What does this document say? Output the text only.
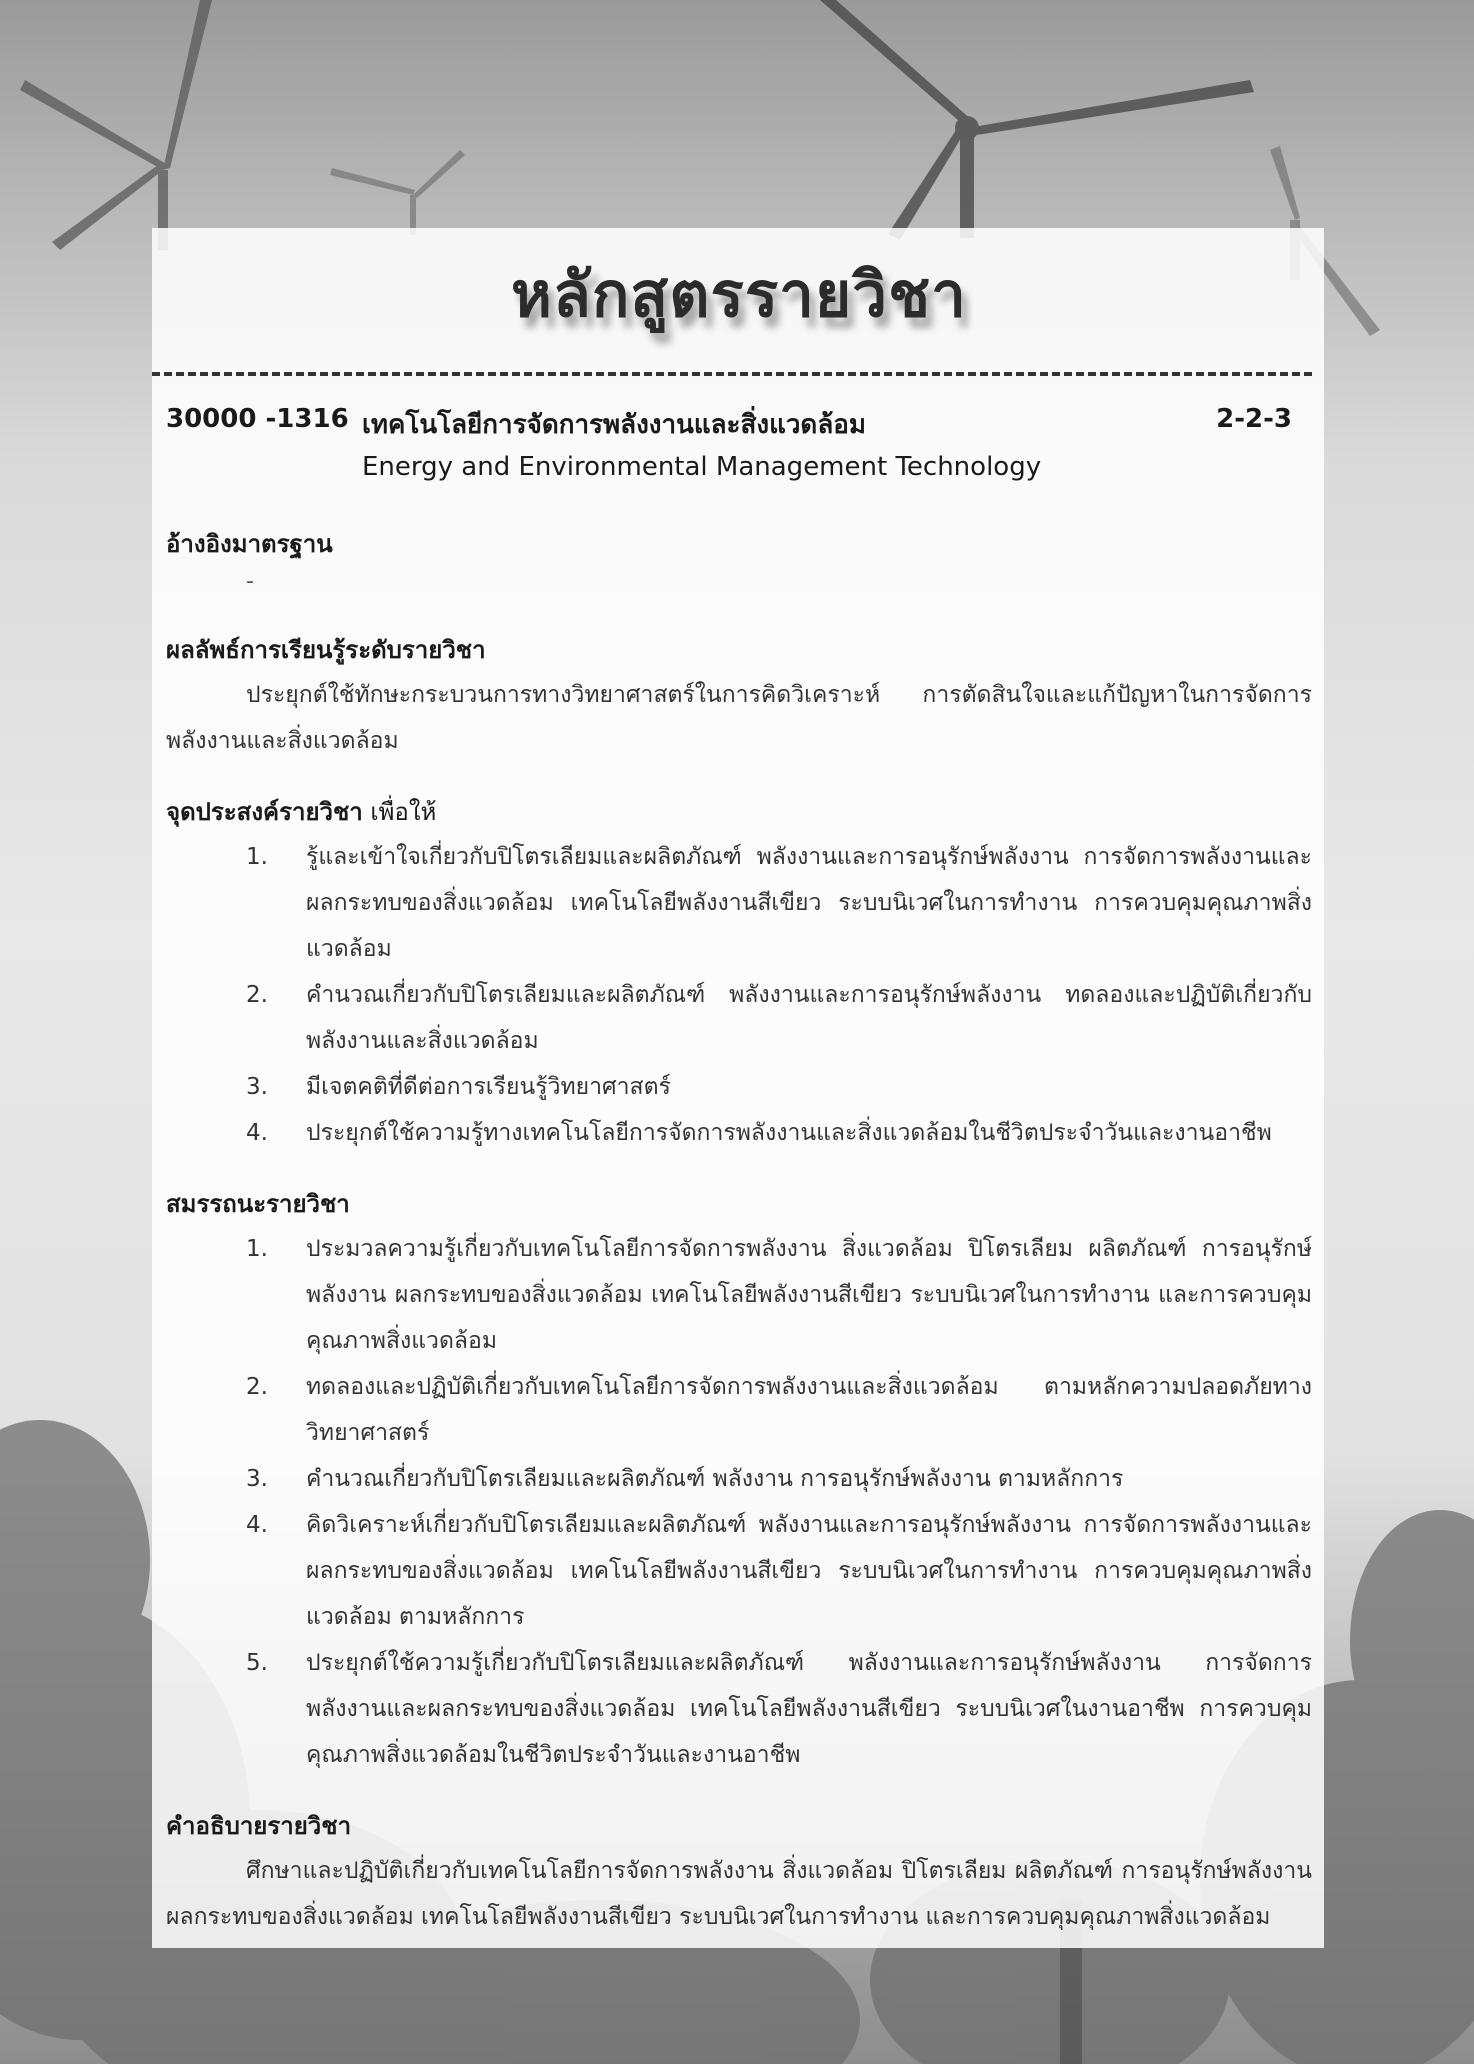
หลักสูตรรายวิชา
30000 -1316 เทคโนโลยีการจัดการพลังงานและสิ่งแวดล้อม	2-2-3
Energy and Environmental Management Technology
อ้างอิงมาตรฐาน
-
ผลลัพธ์การเรียนรู้ระดับรายวิชา
ประยุกต์ใช้ทักษะกระบวนการทางวิทยาศาสตร์ในการคิดวิเคราะห์ การตัดสินใจและแก้ปัญหาในการจัดการพลังงานและสิ่งแวดล้อม
จุดประสงค์รายวิชา เพื่อให้
1. รู้และเข้าใจเกี่ยวกับปิโตรเลียมและผลิตภัณฑ์ พลังงานและการอนุรักษ์พลังงาน การจัดการพลังงานและผลกระทบของสิ่งแวดล้อม เทคโนโลยีพลังงานสีเขียว ระบบนิเวศในการทำงาน การควบคุมคุณภาพสิ่งแวดล้อม
2. คำนวณเกี่ยวกับปิโตรเลียมและผลิตภัณฑ์ พลังงานและการอนุรักษ์พลังงาน ทดลองและปฏิบัติเกี่ยวกับพลังงานและสิ่งแวดล้อม
3. มีเจตคติที่ดีต่อการเรียนรู้วิทยาศาสตร์
4. ประยุกต์ใช้ความรู้ทางเทคโนโลยีการจัดการพลังงานและสิ่งแวดล้อมในชีวิตประจำวันและงานอาชีพ
สมรรถนะรายวิชา
1. ประมวลความรู้เกี่ยวกับเทคโนโลยีการจัดการพลังงาน สิ่งแวดล้อม ปิโตรเลียม ผลิตภัณฑ์ การอนุรักษ์พลังงาน ผลกระทบของสิ่งแวดล้อม เทคโนโลยีพลังงานสีเขียว ระบบนิเวศในการทำงาน และการควบคุมคุณภาพสิ่งแวดล้อม
2. ทดลองและปฏิบัติเกี่ยวกับเทคโนโลยีการจัดการพลังงานและสิ่งแวดล้อม ตามหลักความปลอดภัยทางวิทยาศาสตร์
3. คำนวณเกี่ยวกับปิโตรเลียมและผลิตภัณฑ์ พลังงาน การอนุรักษ์พลังงาน ตามหลักการ
4. คิดวิเคราะห์เกี่ยวกับปิโตรเลียมและผลิตภัณฑ์ พลังงานและการอนุรักษ์พลังงาน การจัดการพลังงานและผลกระทบของสิ่งแวดล้อม เทคโนโลยีพลังงานสีเขียว ระบบนิเวศในการทำงาน การควบคุมคุณภาพสิ่งแวดล้อม ตามหลักการ
5. ประยุกต์ใช้ความรู้เกี่ยวกับปิโตรเลียมและผลิตภัณฑ์ พลังงานและการอนุรักษ์พลังงาน การจัดการพลังงานและผลกระทบของสิ่งแวดล้อม เทคโนโลยีพลังงานสีเขียว ระบบนิเวศในงานอาชีพ การควบคุมคุณภาพสิ่งแวดล้อมในชีวิตประจำวันและงานอาชีพ
คำอธิบายรายวิชา
ศึกษาและปฏิบัติเกี่ยวกับเทคโนโลยีการจัดการพลังงาน สิ่งแวดล้อม ปิโตรเลียม ผลิตภัณฑ์ การอนุรักษ์พลังงาน ผลกระทบของสิ่งแวดล้อม เทคโนโลยีพลังงานสีเขียว ระบบนิเวศในการทำงาน และการควบคุมคุณภาพสิ่งแวดล้อม
